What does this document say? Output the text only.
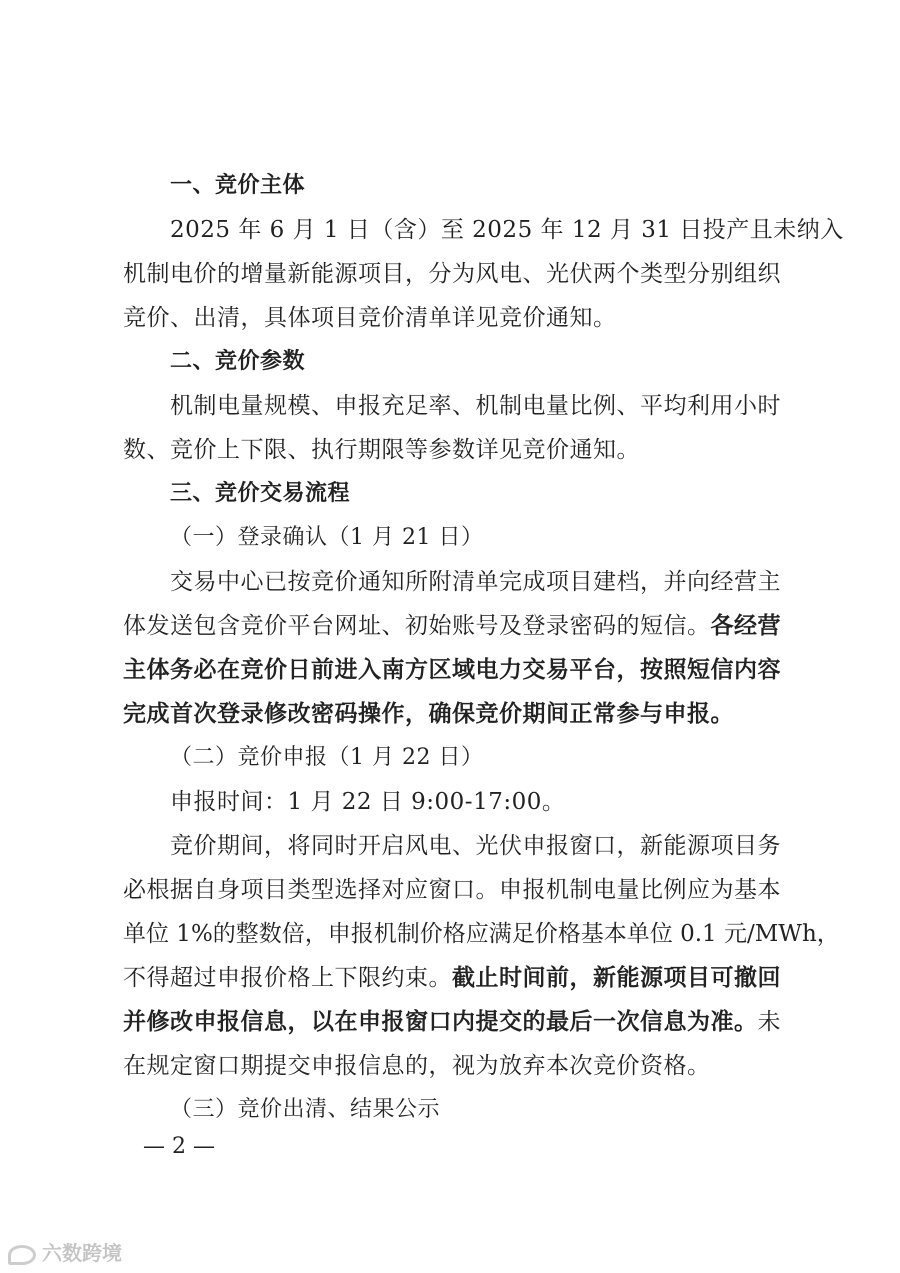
一、竞价主体
2025 年 6 月 1 日（含）至 2025 年 12 月 31 日投产且未纳入
机制电价的增量新能源项目，分为风电、光伏两个类型分别组织
竞价、出清，具体项目竞价清单详见竞价通知。
二、竞价参数
机制电量规模、申报充足率、机制电量比例、平均利用小时
数、竞价上下限、执行期限等参数详见竞价通知。
三、竞价交易流程
（一）登录确认（1 月 21 日）
交易中心已按竞价通知所附清单完成项目建档，并向经营主
体发送包含竞价平台网址、初始账号及登录密码的短信。各经营
主体务必在竞价日前进入南方区域电力交易平台，按照短信内容
完成首次登录修改密码操作，确保竞价期间正常参与申报。
（二）竞价申报（1 月 22 日）
申报时间：1 月 22 日 9:00-17:00。
竞价期间，将同时开启风电、光伏申报窗口，新能源项目务
必根据自身项目类型选择对应窗口。申报机制电量比例应为基本
单位 1%的整数倍，申报机制价格应满足价格基本单位 0.1 元/MWh，
不得超过申报价格上下限约束。截止时间前，新能源项目可撤回
并修改申报信息，以在申报窗口内提交的最后一次信息为准。未
在规定窗口期提交申报信息的，视为放弃本次竞价资格。
（三）竞价出清、结果公示
— 2 —
六数跨境
